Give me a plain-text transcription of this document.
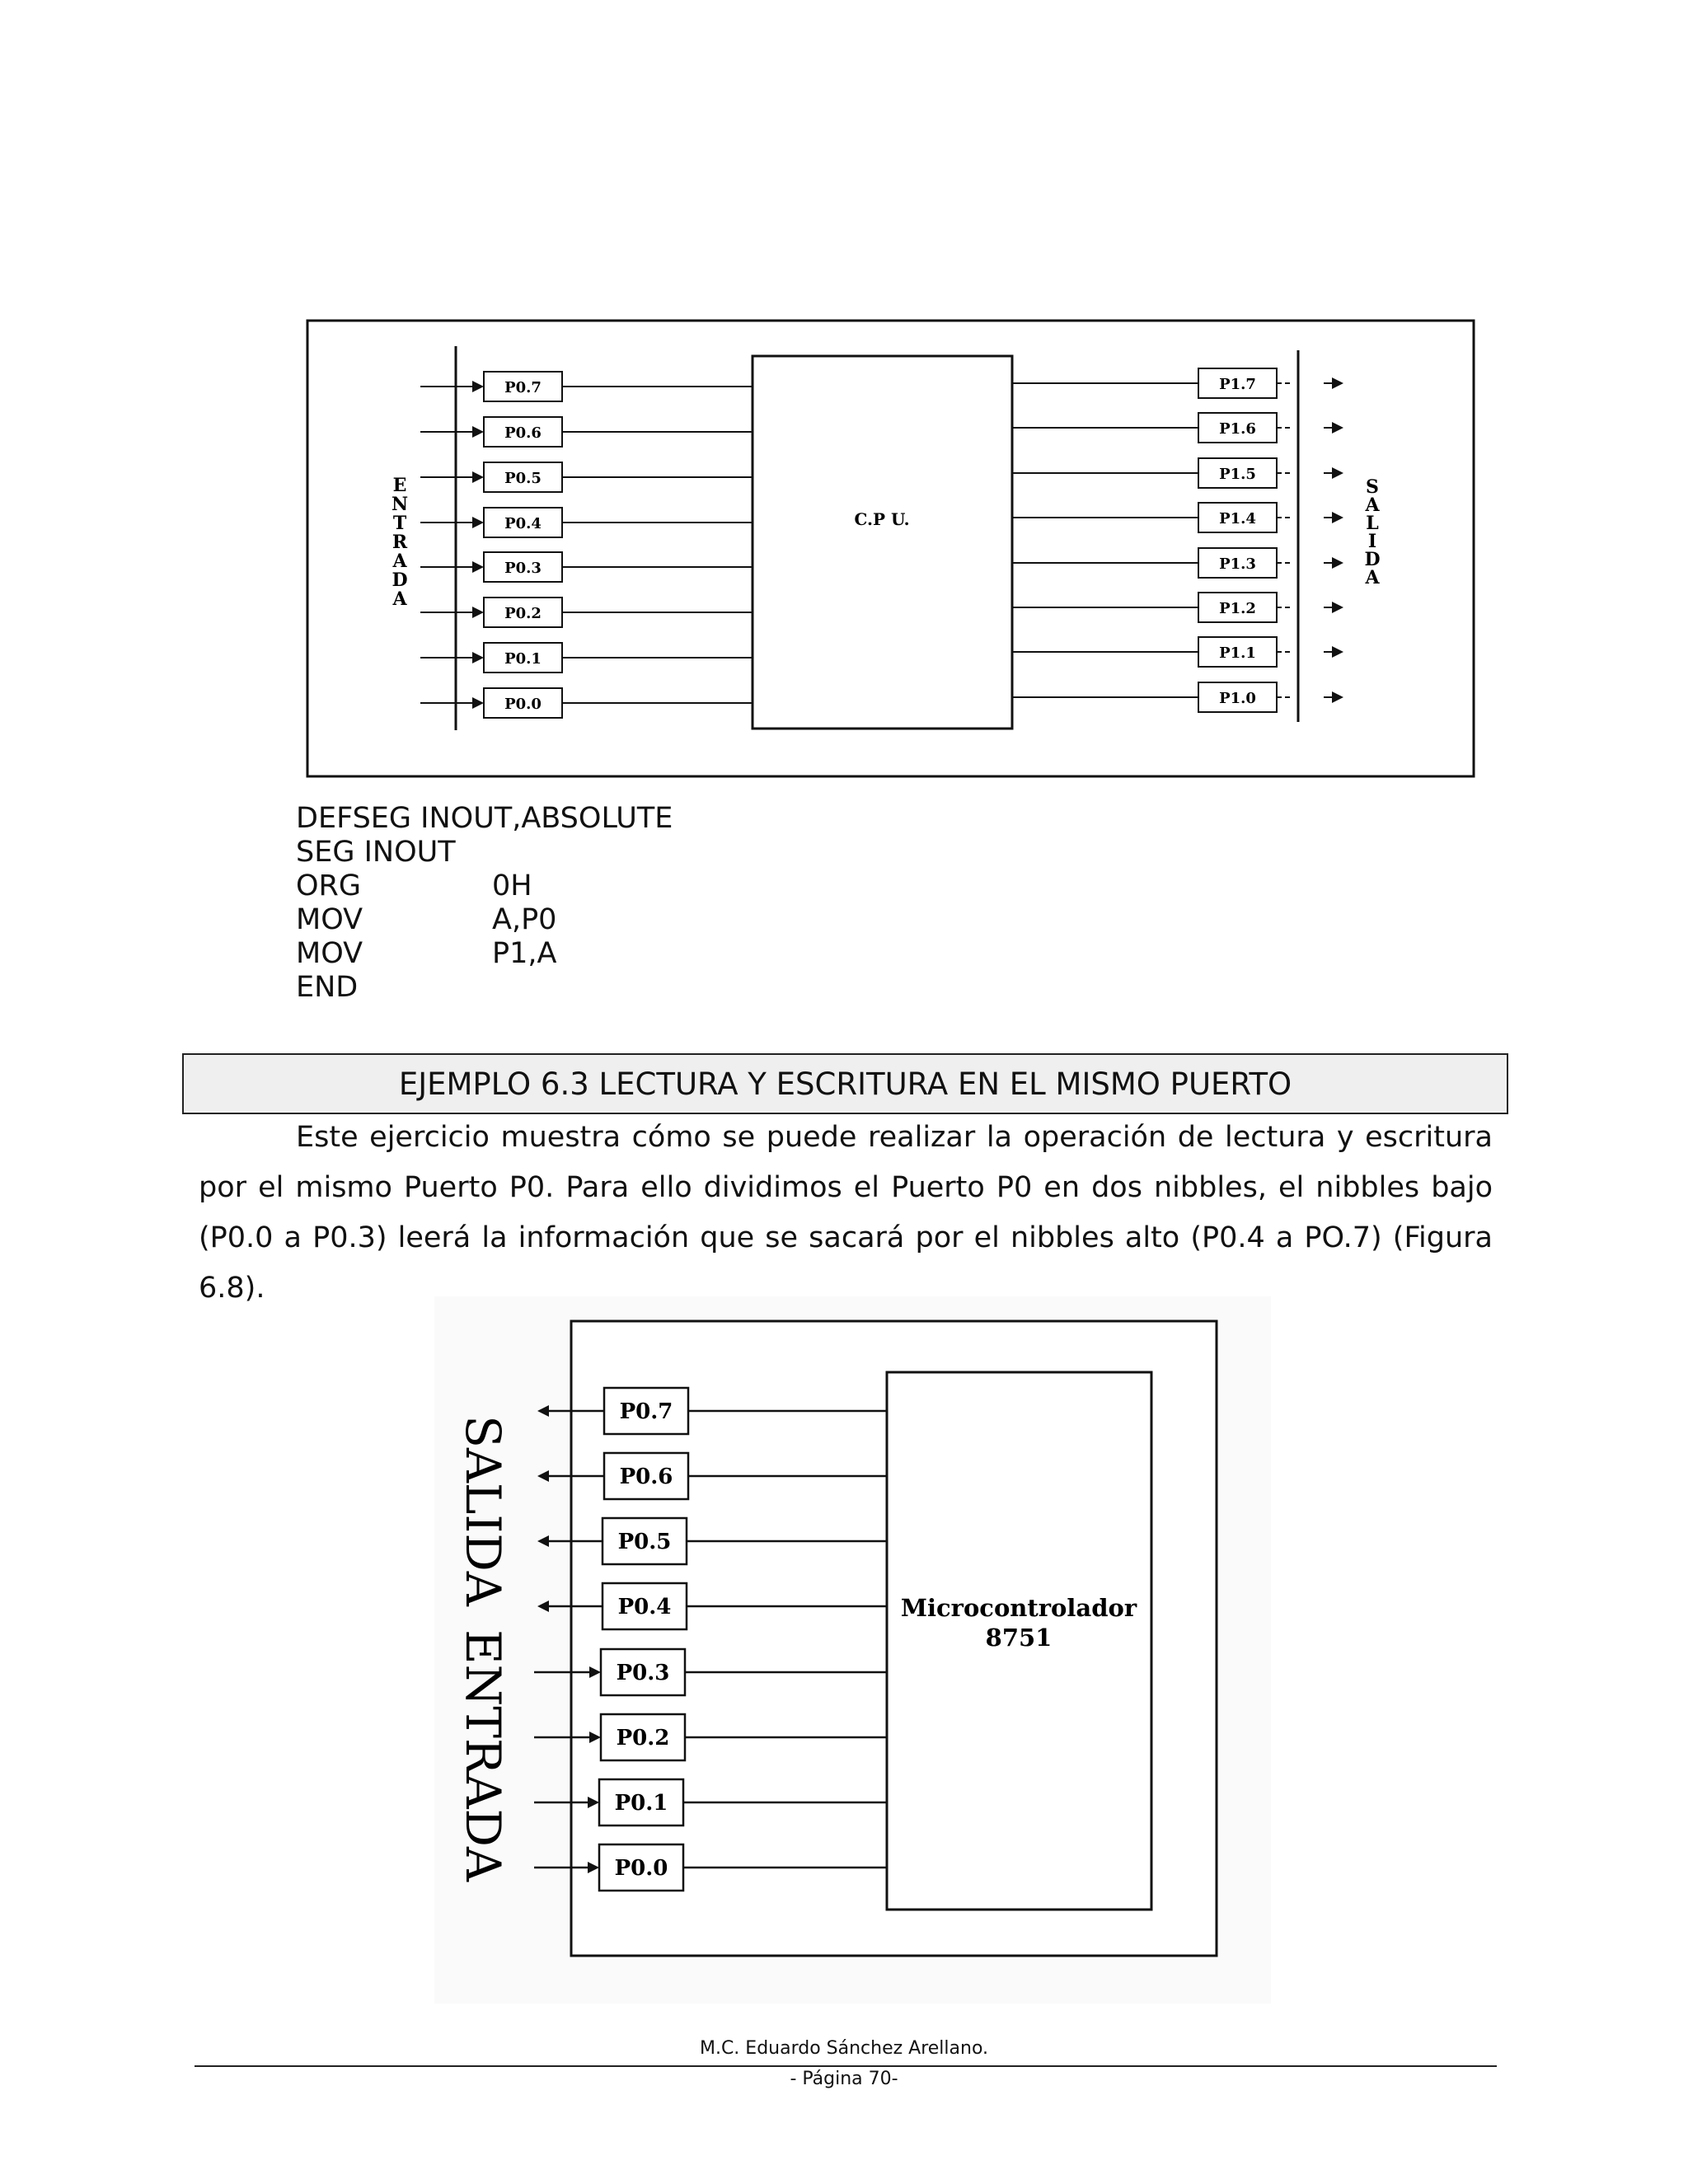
C.P U.
E
N
T
R
A
D
A
S
A
L
I
D
A
P0.7
P0.6
P0.5
P0.4
P0.3
P0.2
P0.1
P0.0
P1.7
P1.6
P1.5
P1.4
P1.3
P1.2
P1.1
P1.0
DEFSEG INOUT,ABSOLUTE
SEG INOUT
ORG	0H
MOV	A,P0
MOV	P1,A
END
EJEMPLO 6.3 LECTURA Y ESCRITURA EN EL MISMO PUERTO
Este ejercicio muestra cómo se puede realizar la operación de lectura y escritura por el mismo Puerto P0. Para ello dividimos el Puerto P0 en dos nibbles, el nibbles bajo (P0.0 a P0.3) leerá la información que se sacará por el nibbles alto (P0.4 a PO.7) (Figura 6.8).
Microcontrolador
8751
SALIDA
ENTRADA
P0.7
P0.6
P0.5
P0.4
P0.3
P0.2
P0.1
P0.0
M.C. Eduardo Sánchez Arellano.
- Página 70-
